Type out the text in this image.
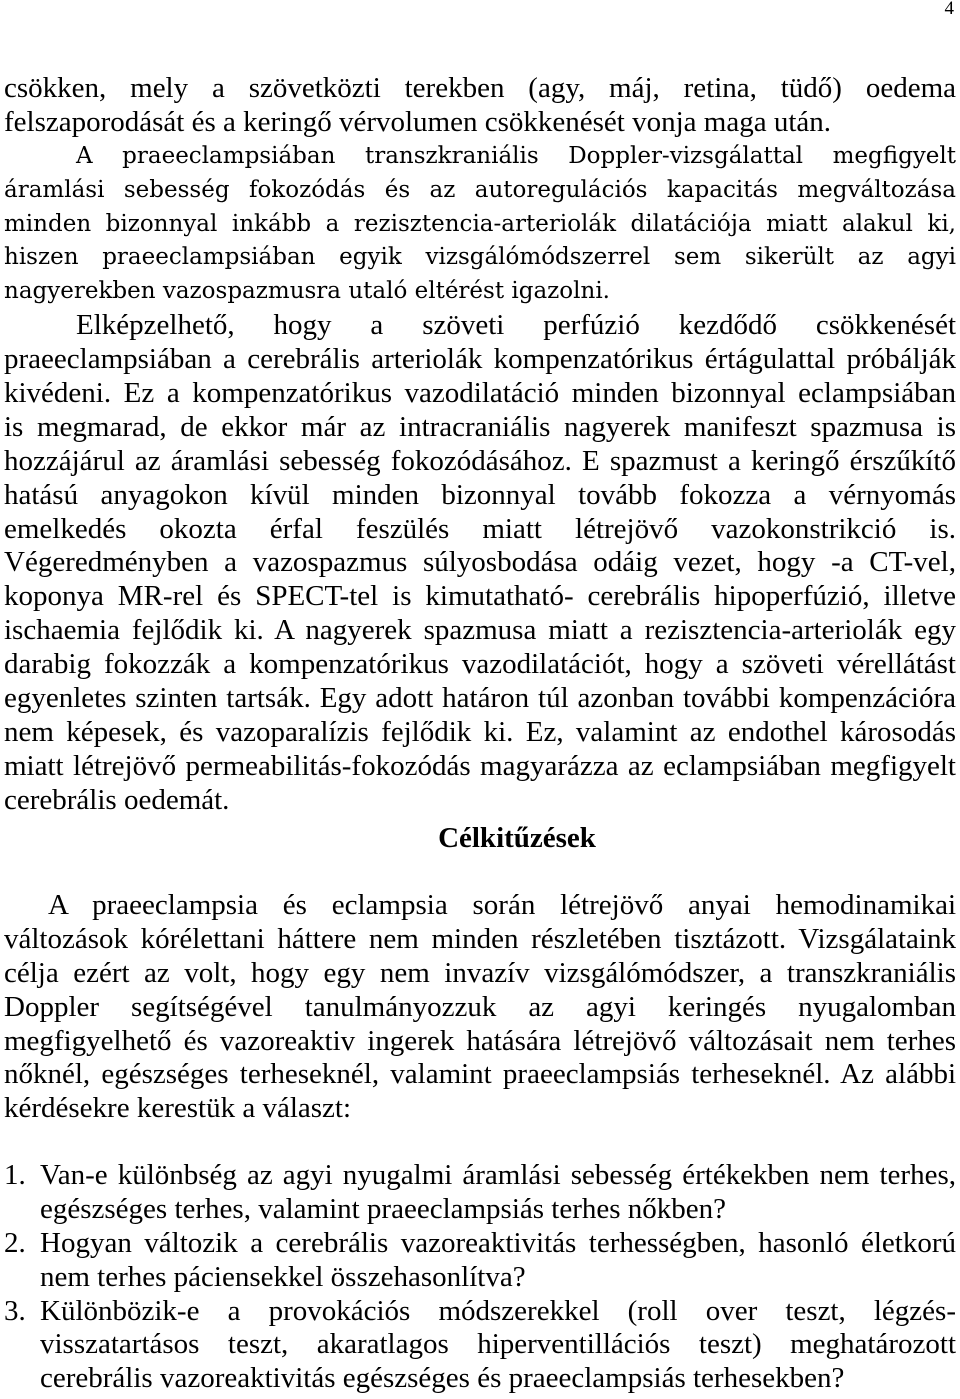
4
csökken, mely a szövetközti terekben (agy, máj, retina, tüdő) oedema
felszaporodását és a keringő vérvolumen csökkenését vonja maga után.
A praeeclampsiában transzkraniális Doppler-vizsgálattal megfigyelt
áramlási sebesség fokozódás és az autoregulációs kapacitás megváltozása
minden bizonnyal inkább a rezisztencia-arteriolák dilatációja miatt alakul ki,
hiszen praeeclampsiában egyik vizsgálómódszerrel sem sikerült az agyi
nagyerekben vazospazmusra utaló eltérést igazolni.
Elképzelhető, hogy a szöveti perfúzió kezdődő csökkenését
praeeclampsiában a cerebrális arteriolák kompenzatórikus értágulattal próbálják
kivédeni. Ez a kompenzatórikus vazodilatáció minden bizonnyal eclampsiában
is megmarad, de ekkor már az intracraniális nagyerek manifeszt spazmusa is
hozzájárul az áramlási sebesség fokozódásához. E spazmust a keringő érszűkítő
hatású anyagokon kívül minden bizonnyal tovább fokozza a vérnyomás
emelkedés okozta érfal feszülés miatt létrejövő vazokonstrikció is.
Végeredményben a vazospazmus súlyosbodása odáig vezet, hogy -a CT-vel,
koponya MR-rel és SPECT-tel is kimutatható- cerebrális hipoperfúzió, illetve
ischaemia fejlődik ki. A nagyerek spazmusa miatt a rezisztencia-arteriolák egy
darabig fokozzák a kompenzatórikus vazodilatációt, hogy a szöveti vérellátást
egyenletes szinten tartsák. Egy adott határon túl azonban további kompenzációra
nem képesek, és vazoparalízis fejlődik ki. Ez, valamint az endothel károsodás
miatt létrejövő permeabilitás-fokozódás magyarázza az eclampsiában megfigyelt
cerebrális oedemát.
Célkitűzések
A praeeclampsia és eclampsia során létrejövő anyai hemodinamikai
változások kórélettani háttere nem minden részletében tisztázott. Vizsgálataink
célja ezért az volt, hogy egy nem invazív vizsgálómódszer, a transzkraniális
Doppler segítségével tanulmányozzuk az agyi keringés nyugalomban
megfigyelhető és vazoreaktiv ingerek hatására létrejövő változásait nem terhes
nőknél, egészséges terheseknél, valamint praeeclampsiás terheseknél. Az alábbi
kérdésekre kerestük a választ:
1. Van-e különbség az agyi nyugalmi áramlási sebesség értékekben nem terhes,
egészséges terhes, valamint praeeclampsiás terhes nőkben?
2. Hogyan változik a cerebrális vazoreaktivitás terhességben, hasonló életkorú
nem terhes páciensekkel összehasonlítva?
3. Különbözik-e a provokációs módszerekkel (roll over teszt, légzés-
visszatartásos teszt, akaratlagos hiperventillációs teszt) meghatározott
cerebrális vazoreaktivitás egészséges és praeeclampsiás terhesekben?
